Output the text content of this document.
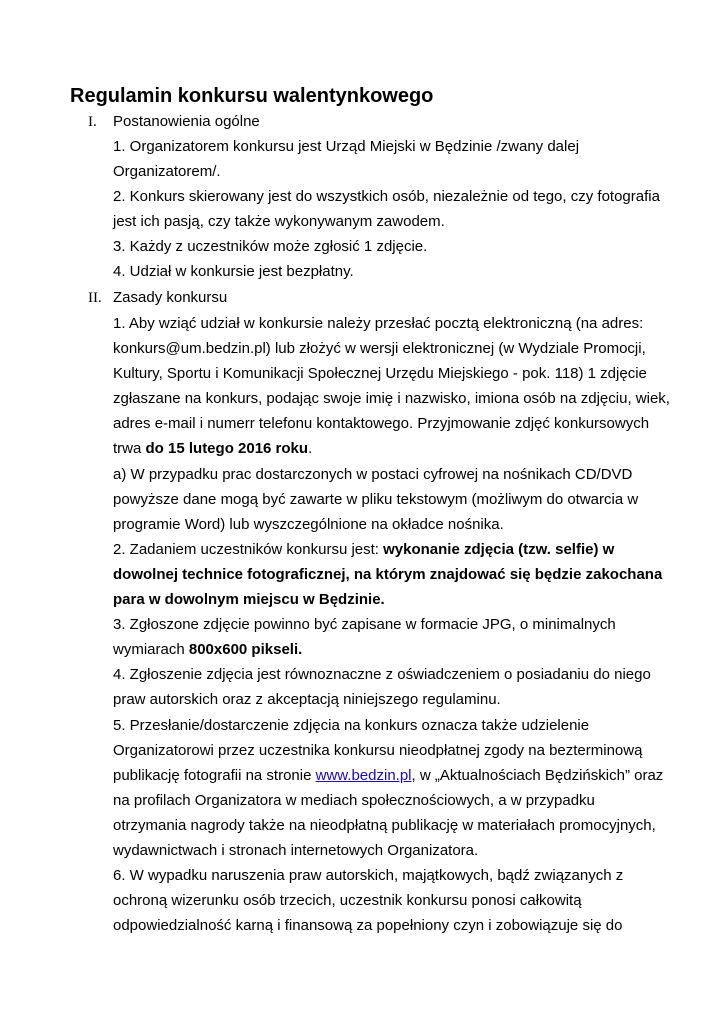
Regulamin konkursu walentynkowego
I. Postanowienia ogólne
1. Organizatorem konkursu jest Urząd Miejski w Będzinie /zwany dalej
Organizatorem/.
2. Konkurs skierowany jest do wszystkich osób, niezależnie od tego, czy fotografia
jest ich pasją, czy także wykonywanym zawodem.
3. Każdy z uczestników może zgłosić 1 zdjęcie.
4. Udział w konkursie jest bezpłatny.
II. Zasady konkursu
1. Aby wziąć udział w konkursie należy przesłać pocztą elektroniczną (na adres:
konkurs@um.bedzin.pl) lub złożyć w wersji elektronicznej (w Wydziale Promocji,
Kultury, Sportu i Komunikacji Społecznej Urzędu Miejskiego - pok. 118) 1 zdjęcie
zgłaszane na konkurs, podając swoje imię i nazwisko, imiona osób na zdjęciu, wiek,
adres e-mail i numerr telefonu kontaktowego. Przyjmowanie zdjęć konkursowych
trwa do 15 lutego 2016 roku.
a) W przypadku prac dostarczonych w postaci cyfrowej na nośnikach CD/DVD
powyższe dane mogą być zawarte w pliku tekstowym (możliwym do otwarcia w
programie Word) lub wyszczególnione na okładce nośnika.
2. Zadaniem uczestników konkursu jest: wykonanie zdjęcia (tzw. selfie) w
dowolnej technice fotograficznej, na którym znajdować się będzie zakochana
para w dowolnym miejscu w Będzinie.
3. Zgłoszone zdjęcie powinno być zapisane w formacie JPG, o minimalnych
wymiarach 800x600 pikseli.
4. Zgłoszenie zdjęcia jest równoznaczne z oświadczeniem o posiadaniu do niego
praw autorskich oraz z akceptacją niniejszego regulaminu.
5. Przesłanie/dostarczenie zdjęcia na konkurs oznacza także udzielenie
Organizatorowi przez uczestnika konkursu nieodpłatnej zgody na bezterminową
publikację fotografii na stronie www.bedzin.pl, w „Aktualnościach Będzińskich” oraz
na profilach Organizatora w mediach społecznościowych, a w przypadku
otrzymania nagrody także na nieodpłatną publikację w materiałach promocyjnych,
wydawnictwach i stronach internetowych Organizatora.
6. W wypadku naruszenia praw autorskich, majątkowych, bądź związanych z
ochroną wizerunku osób trzecich, uczestnik konkursu ponosi całkowitą
odpowiedzialność karną i finansową za popełniony czyn i zobowiązuje się do
